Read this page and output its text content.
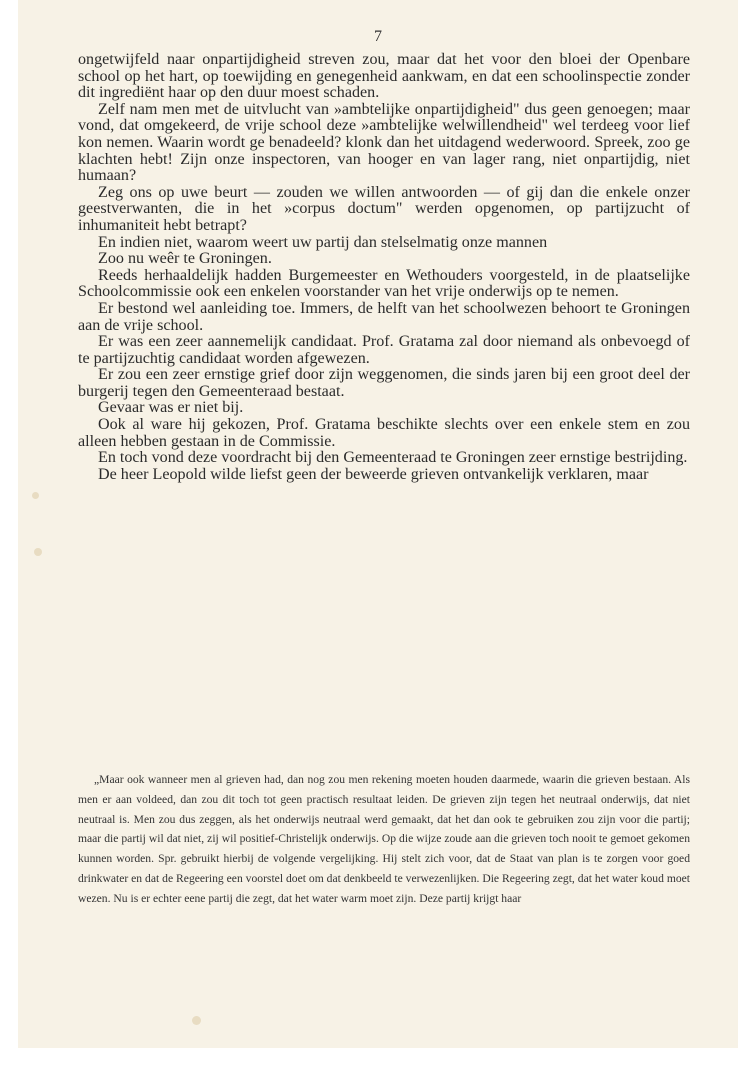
7

ongetwijfeld naar onpartijdigheid streven zou, maar dat het voor den bloei der Openbare school op het hart, op toewijding en genegenheid aankwam, en dat een schoolinspectie zonder dit ingrediënt haar op den duur moest schaden.

Zelf nam men met de uitvlucht van »ambtelijke onpartijdigheid" dus geen genoegen; maar vond, dat omgekeerd, de vrije school deze »ambtelijke welwillendheid" wel terdeeg voor lief kon nemen. Waarin wordt ge benadeeld? klonk dan het uitdagend wederwoord. Spreek, zoo ge klachten hebt! Zijn onze inspectoren, van hooger en van lager rang, niet onpartijdig, niet humaan?

Zeg ons op uwe beurt — zouden we willen antwoorden — of gij dan die enkele onzer geestverwanten, die in het »corpus doctum" werden opgenomen, op partijzucht of inhumaniteit hebt betrapt?

En indien niet, waarom weert uw partij dan stelselmatig onze mannen

Zoo nu weêr te Groningen.

Reeds herhaaldelijk hadden Burgemeester en Wethouders voorgesteld, in de plaatselijke Schoolcommissie ook een enkelen voorstander van het vrije onderwijs op te nemen.

Er bestond wel aanleiding toe. Immers, de helft van het schoolwezen behoort te Groningen aan de vrije school.

Er was een zeer aannemelijk candidaat. Prof. Gratama zal door niemand als onbevoegd of te partijzuchtig candidaat worden afgewezen.

Er zou een zeer ernstige grief door zijn weggenomen, die sinds jaren bij een groot deel der burgerij tegen den Gemeenteraad bestaat.

Gevaar was er niet bij.

Ook al ware hij gekozen, Prof. Gratama beschikte slechts over een enkele stem en zou alleen hebben gestaan in de Commissie.

En toch vond deze voordracht bij den Gemeenteraad te Groningen zeer ernstige bestrijding.

De heer Leopold wilde liefst geen der beweerde grieven ontvankelijk verklaren, maar

„Maar ook wanneer men al grieven had, dan nog zou men rekening moeten houden daarmede, waarin die grieven bestaan. Als men er aan voldeed, dan zou dit toch tot geen practisch resultaat leiden. De grieven zijn tegen het neutraal onderwijs, dat niet neutraal is. Men zou dus zeggen, als het onderwijs neutraal werd gemaakt, dat het dan ook te gebruiken zou zijn voor die partij; maar die partij wil dat niet, zij wil positief-Christelijk onderwijs. Op die wijze zoude aan die grieven toch nooit te gemoet gekomen kunnen worden. Spr. gebruikt hierbij de volgende vergelijking. Hij stelt zich voor, dat de Staat van plan is te zorgen voor goed drinkwater en dat de Regeering een voorstel doet om dat denkbeeld te verwezenlijken. Die Regeering zegt, dat het water koud moet wezen. Nu is er echter eene partij die zegt, dat het water warm moet zijn. Deze partij krijgt haar
